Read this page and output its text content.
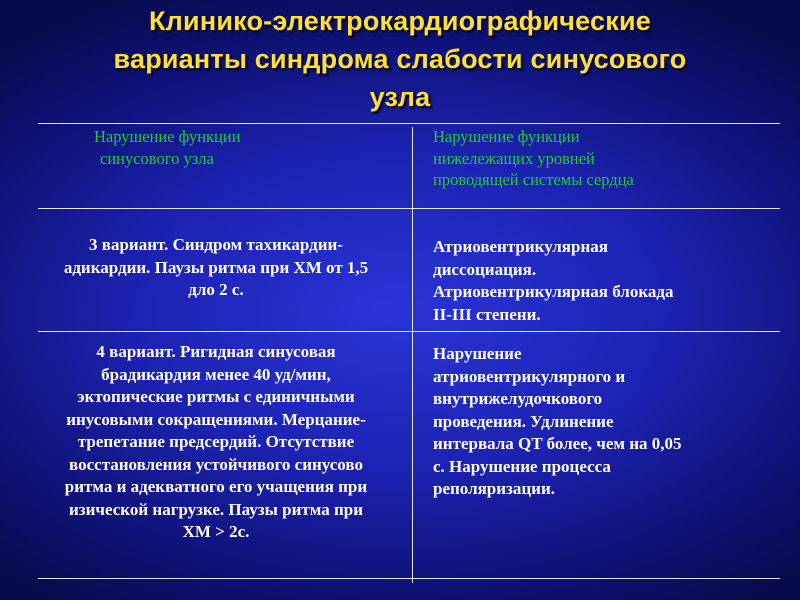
Клинико-электрокардиографические
варианты синдрома слабости синусового
узла
Нарушение функции
синусового узла
Нарушение функции
нижележащих уровней
проводящей системы сердца
3 вариант. Синдром тахикардии-
адикардии. Паузы ритма при ХМ от 1,5
дло 2 с.
Атриовентрикулярная
диссоциация.
Атриовентрикулярная блокада
II-III степени.
4 вариант. Ригидная синусовая
брадикардия менее 40 уд/мин,
эктопические ритмы с единичными
инусовыми сокращениями. Мерцание-
трепетание предсердий. Отсутствие
восстановления устойчивого синусово
ритма и адекватного его учащения при
изической нагрузке. Паузы ритма при
ХМ > 2с.
Нарушение
атриовентрикулярного и
внутрижелудочкового
проведения. Удлинение
интервала QT более, чем на 0,05
с. Нарушение процесса
реполяризации.
